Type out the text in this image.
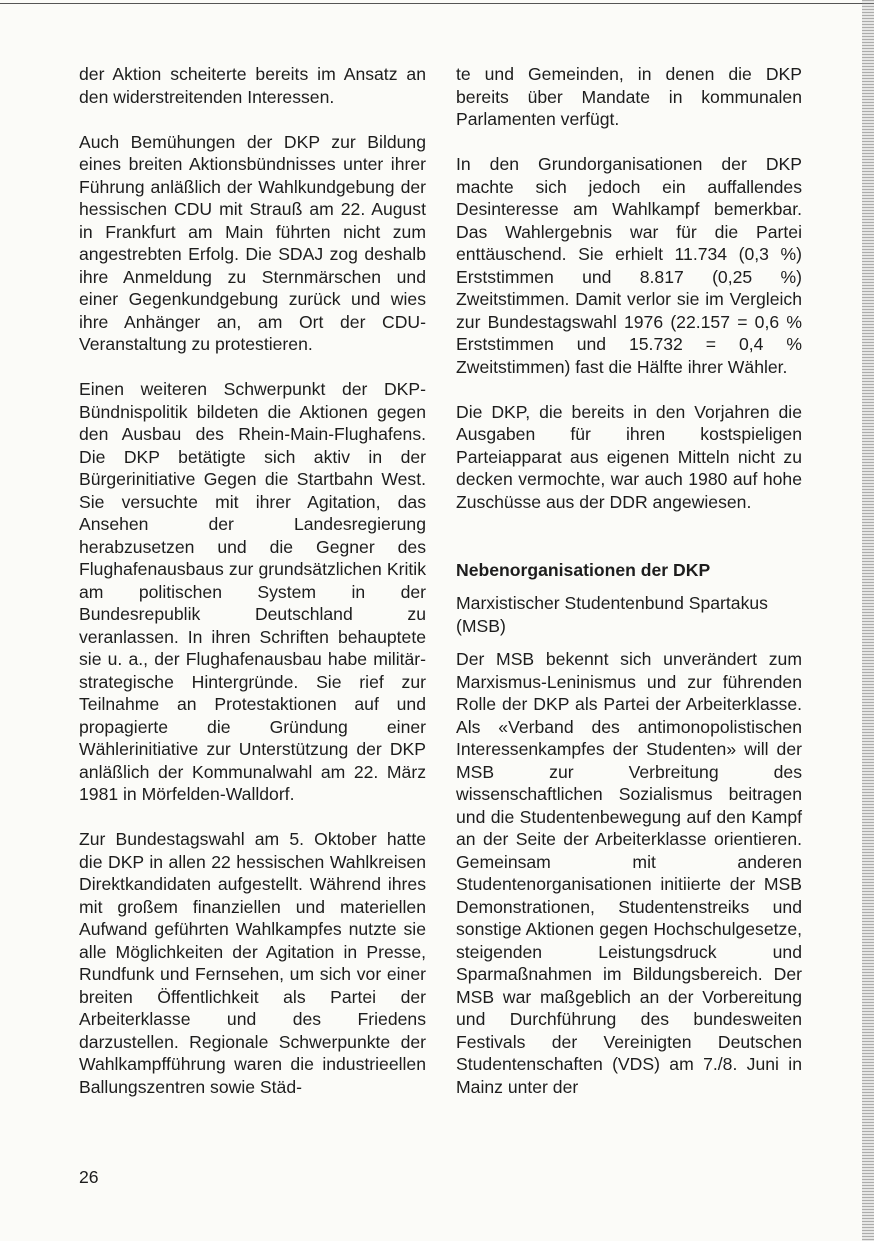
der Aktion scheiterte bereits im Ansatz an den widerstreitenden Interessen.

Auch Bemühungen der DKP zur Bildung eines breiten Aktionsbündnisses unter ihrer Führung anläßlich der Wahlkundgebung der hessischen CDU mit Strauß am 22. August in Frankfurt am Main führten nicht zum angestrebten Erfolg. Die SDAJ zog deshalb ihre Anmeldung zu Sternmärschen und einer Gegenkundgebung zurück und wies ihre Anhänger an, am Ort der CDU-Veranstaltung zu protestieren.

Einen weiteren Schwerpunkt der DKP-Bündnispolitik bildeten die Aktionen gegen den Ausbau des Rhein-Main-Flughafens. Die DKP betätigte sich aktiv in der Bürgerinitiative Gegen die Startbahn West. Sie versuchte mit ihrer Agitation, das Ansehen der Landesregierung herabzusetzen und die Gegner des Flughafenausbaus zur grundsätzlichen Kritik am politischen System in der Bundesrepublik Deutschland zu veranlassen. In ihren Schriften behauptete sie u. a., der Flughafenausbau habe militär-strategische Hintergründe. Sie rief zur Teilnahme an Protestaktionen auf und propagierte die Gründung einer Wählerinitiative zur Unterstützung der DKP anläßlich der Kommunalwahl am 22. März 1981 in Mörfelden-Walldorf.

Zur Bundestagswahl am 5. Oktober hatte die DKP in allen 22 hessischen Wahlkreisen Direktkandidaten aufgestellt. Während ihres mit großem finanziellen und materiellen Aufwand geführten Wahlkampfes nutzte sie alle Möglichkeiten der Agitation in Presse, Rundfunk und Fernsehen, um sich vor einer breiten Öffentlichkeit als Partei der Arbeiterklasse und des Friedens darzustellen. Regionale Schwerpunkte der Wahlkampfführung waren die industrieellen Ballungszentren sowie Städ-

te und Gemeinden, in denen die DKP bereits über Mandate in kommunalen Parlamenten verfügt.

In den Grundorganisationen der DKP machte sich jedoch ein auffallendes Desinteresse am Wahlkampf bemerkbar. Das Wahlergebnis war für die Partei enttäuschend. Sie erhielt 11.734 (0,3 %) Erststimmen und 8.817 (0,25 %) Zweitstimmen. Damit verlor sie im Vergleich zur Bundestagswahl 1976 (22.157 = 0,6 % Erststimmen und 15.732 = 0,4 % Zweitstimmen) fast die Hälfte ihrer Wähler.

Die DKP, die bereits in den Vorjahren die Ausgaben für ihren kostspieligen Parteiapparat aus eigenen Mitteln nicht zu decken vermochte, war auch 1980 auf hohe Zuschüsse aus der DDR angewiesen.

Nebenorganisationen der DKP

Marxistischer Studentenbund Spartakus (MSB)

Der MSB bekennt sich unverändert zum Marxismus-Leninismus und zur führenden Rolle der DKP als Partei der Arbeiterklasse. Als «Verband des antimonopolistischen Interessenkampfes der Studenten» will der MSB zur Verbreitung des wissenschaftlichen Sozialismus beitragen und die Studentenbewegung auf den Kampf an der Seite der Arbeiterklasse orientieren. Gemeinsam mit anderen Studentenorganisationen initiierte der MSB Demonstrationen, Studentenstreiks und sonstige Aktionen gegen Hochschulgesetze, steigenden Leistungsdruck und Sparmaßnahmen im Bildungsbereich. Der MSB war maßgeblich an der Vorbereitung und Durchführung des bundesweiten Festivals der Vereinigten Deutschen Studentenschaften (VDS) am 7./8. Juni in Mainz unter der

26
